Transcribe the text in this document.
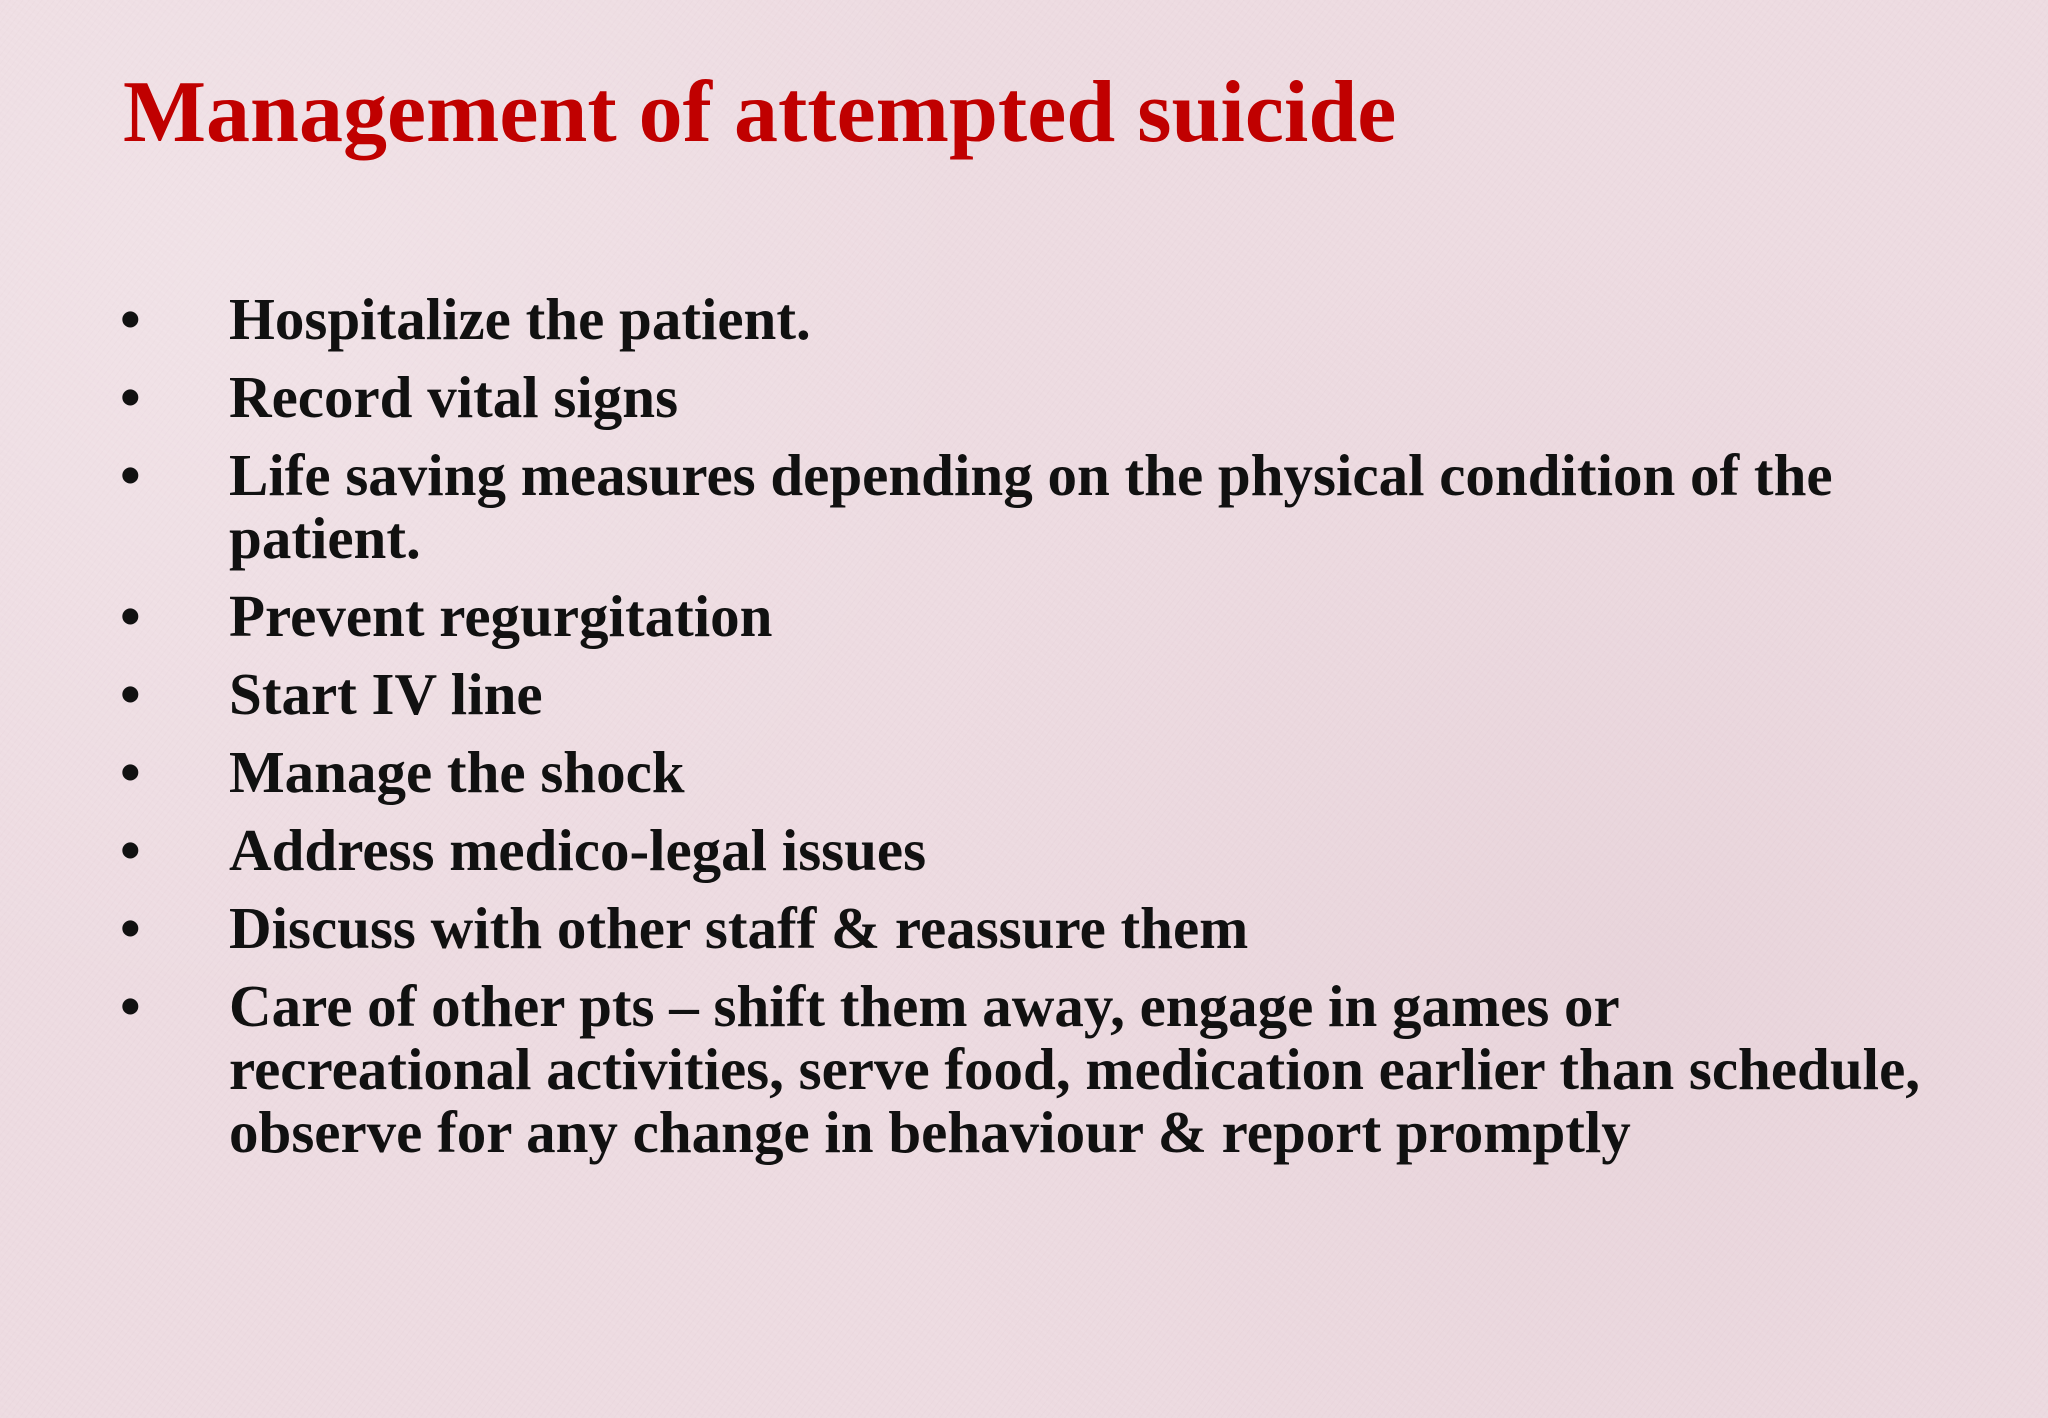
Management of attempted suicide
•	Hospitalize the patient.
•	Record vital signs
•	Life saving measures depending on the physical condition of the patient.
•	Prevent regurgitation
•	Start IV line
•	Manage the shock
•	Address medico-legal issues
•	Discuss with other staff & reassure them
•	Care of other pts – shift them away, engage in games or recreational activities, serve food, medication earlier than schedule, observe for any change in behaviour & report promptly
